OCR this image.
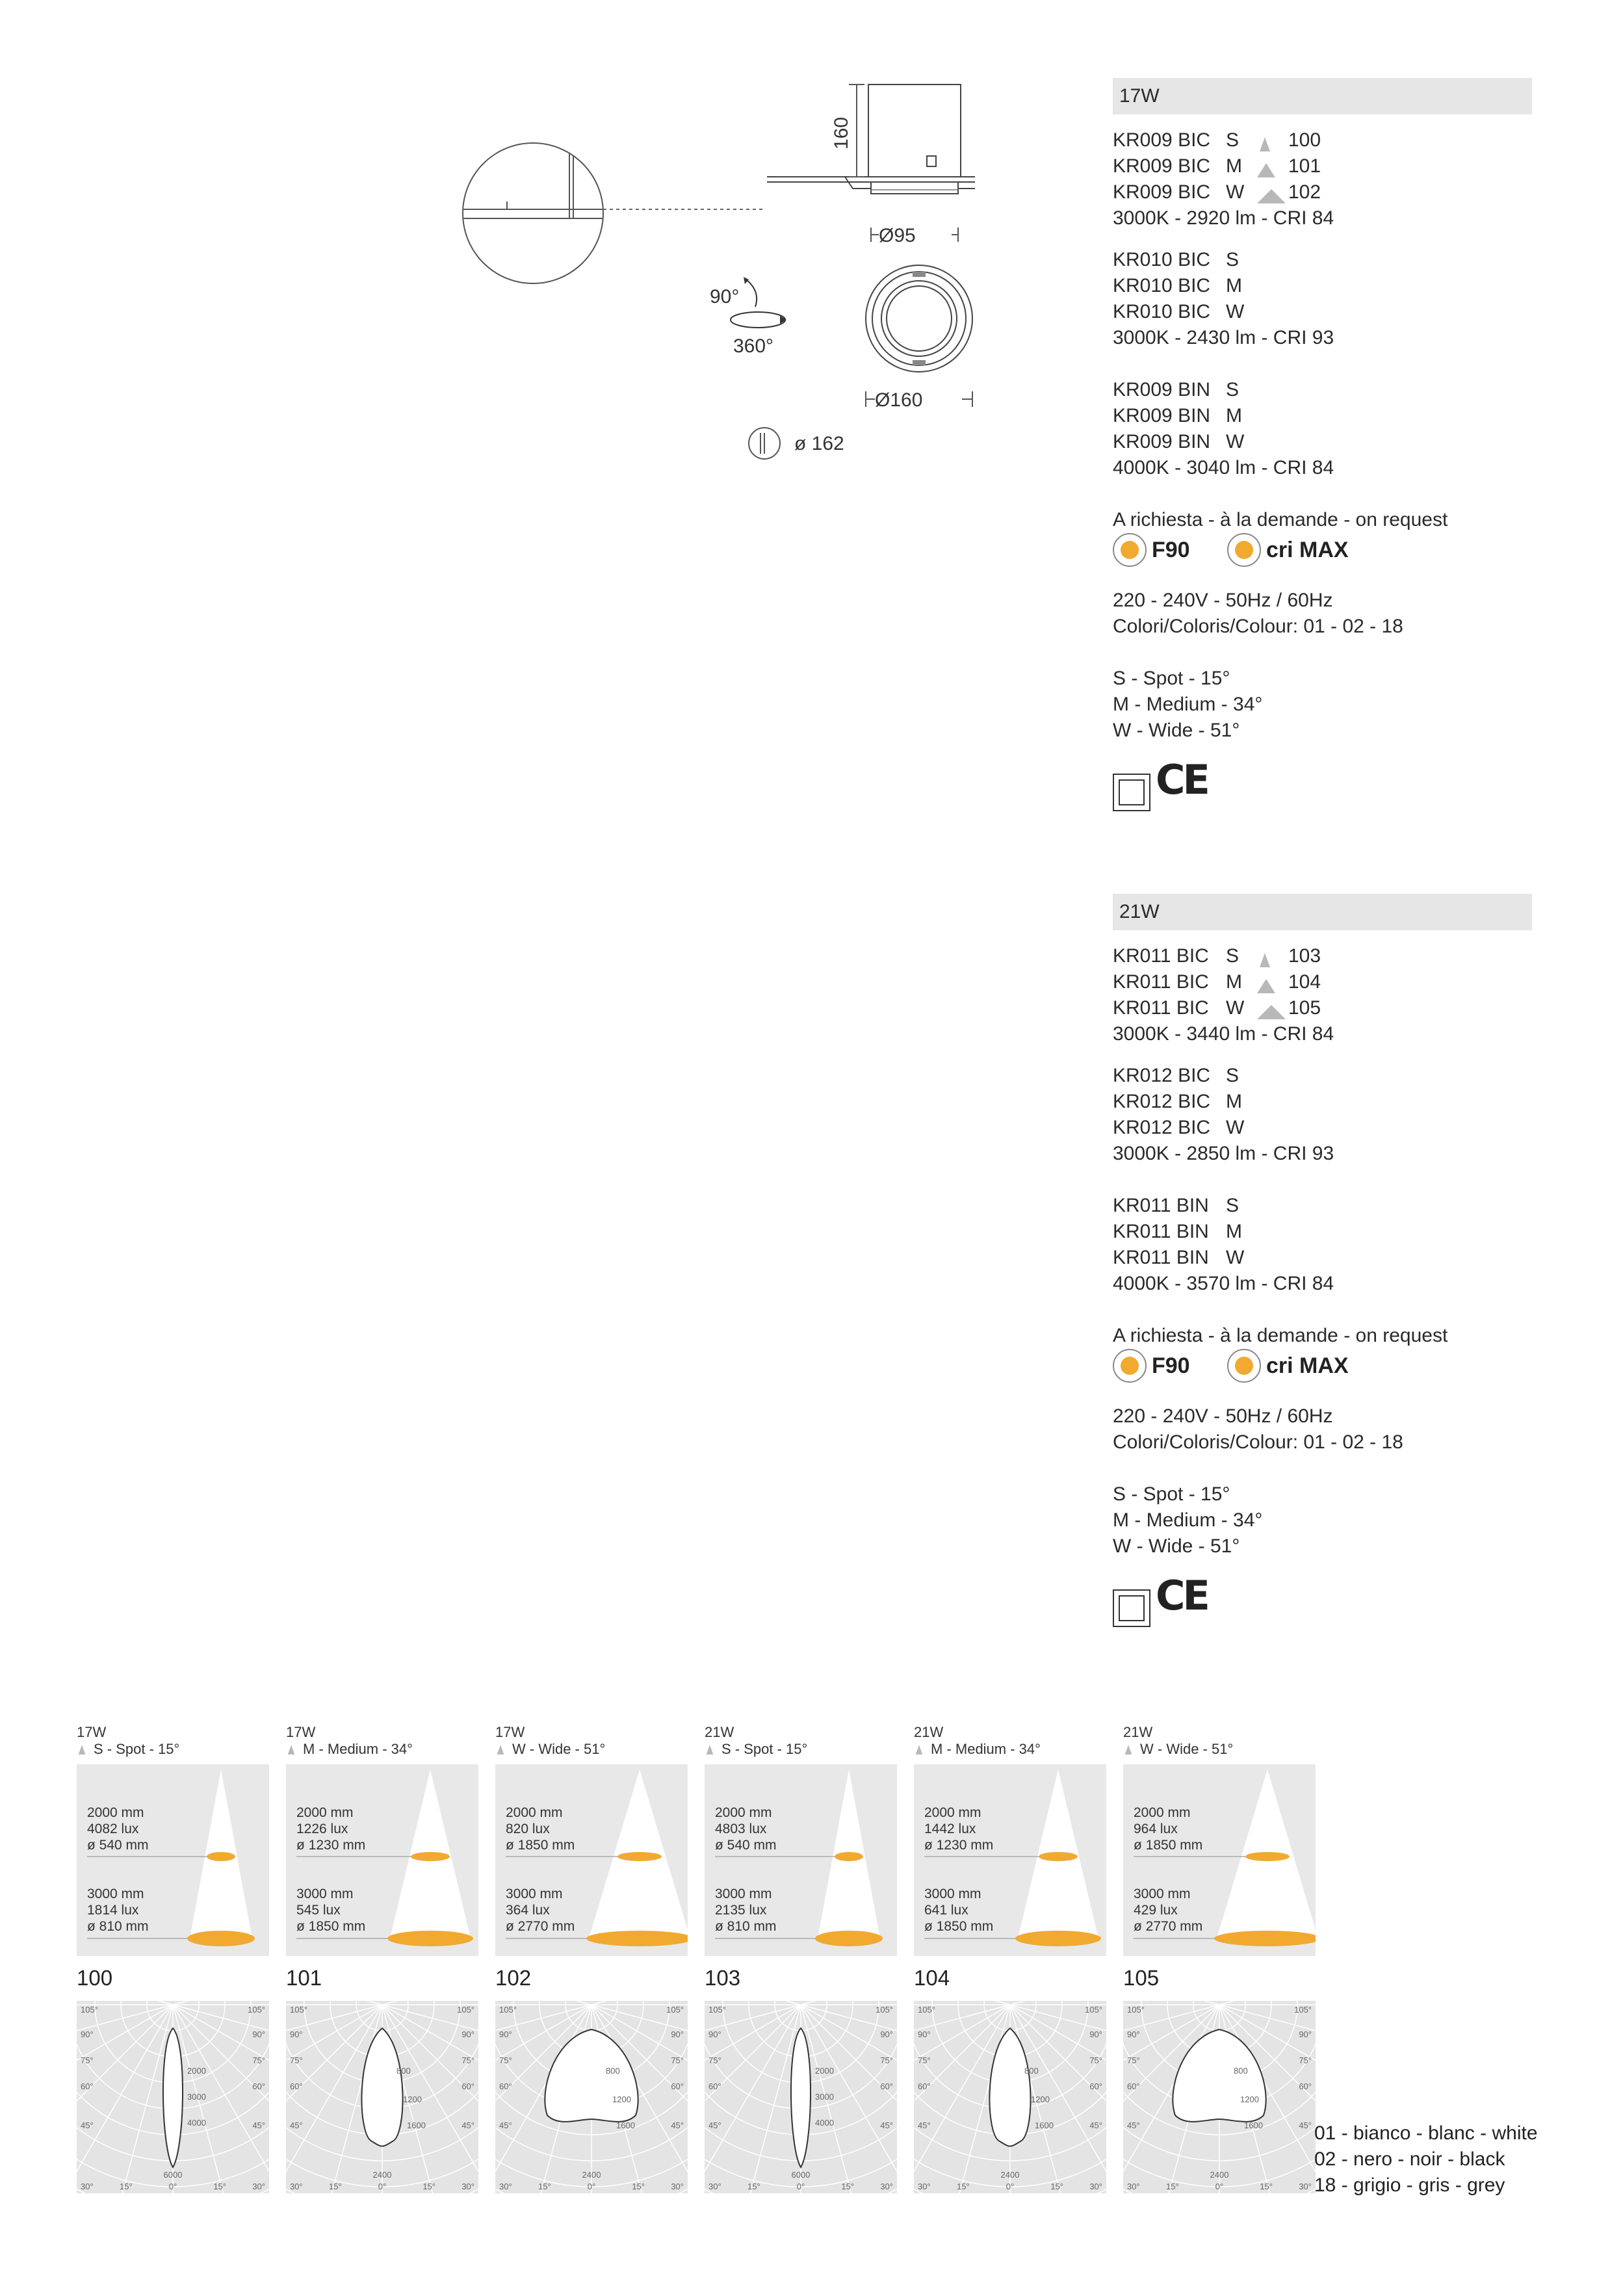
160
Ø95
Ø160
90°
360°
ø 162
17W
KR009 BIC S	100
KR009 BIC M 101
KR009 BIC W 102
3000K - 2920 lm - CRI 84
KR010 BIC S
KR010 BIC M
KR010 BIC W
3000K - 2430 lm - CRI 93
KR009 BIN S
KR009 BIN M
KR009 BIN W
4000K - 3040 lm - CRI 84
A richiesta - à la demande - on request
F90	cri MAX
220 - 240V - 50Hz / 60Hz
Colori/Coloris/Colour: 01 - 02 - 18
S - Spot - 15°
M - Medium - 34°
W - Wide - 51°
CE
21W
KR011 BIC S	103
KR011 BIC M 104
KR011 BIC W 105
3000K - 3440 lm - CRI 84
KR012 BIC S
KR012 BIC M
KR012 BIC W
3000K - 2850 lm - CRI 93
KR011 BIN S
KR011 BIN M
KR011 BIN W
4000K - 3570 lm - CRI 84
A richiesta - à la demande - on request
F90	cri MAX
220 - 240V - 50Hz / 60Hz
Colori/Coloris/Colour: 01 - 02 - 18
S - Spot - 15°
M - Medium - 34°
W - Wide - 51°
CE
17W
S - Spot - 15°
2000 mm
4082 lux
ø 540 mm
3000 mm
1814 lux
ø 810 mm
100
105°	105°
90°	90°
75°	75°
60°	60°
45°	45°
30°	30°
15°	15°
0°
2000
3000
4000
6000
17W
M - Medium - 34°
2000 mm
1226 lux
ø 1230 mm
3000 mm
545 lux
ø 1850 mm
101
105°	105°
90°	90°
75°	75°
60°	60°
45°	45°
30°	30°
15°	15°
0°
800
1200
1600
2400
17W
W - Wide - 51°
2000 mm
820 lux
ø 1850 mm
3000 mm
364 lux
ø 2770 mm
102
105°	105°
90°	90°
75°	75°
60°	60°
45°	45°
30°	30°
15°	15°
0°
800
1200
1600
2400
21W
S - Spot - 15°
2000 mm
4803 lux
ø 540 mm
3000 mm
2135 lux
ø 810 mm
103
105°	105°
90°	90°
75°	75°
60°	60°
45°	45°
30°	30°
15°	15°
0°
2000
3000
4000
6000
21W
M - Medium - 34°
2000 mm
1442 lux
ø 1230 mm
3000 mm
641 lux
ø 1850 mm
104
105°	105°
90°	90°
75°	75°
60°	60°
45°	45°
30°	30°
15°	15°
0°
800
1200
1600
2400
21W
W - Wide - 51°
2000 mm
964 lux
ø 1850 mm
3000 mm
429 lux
ø 2770 mm
105
105°	105°
90°	90°
75°	75°
60°	60°
45°	45°
30°	30°
15°	15°
0°
800
1200
1600
2400
01 - bianco - blanc - white
02 - nero - noir - black
18 - grigio - gris - grey
